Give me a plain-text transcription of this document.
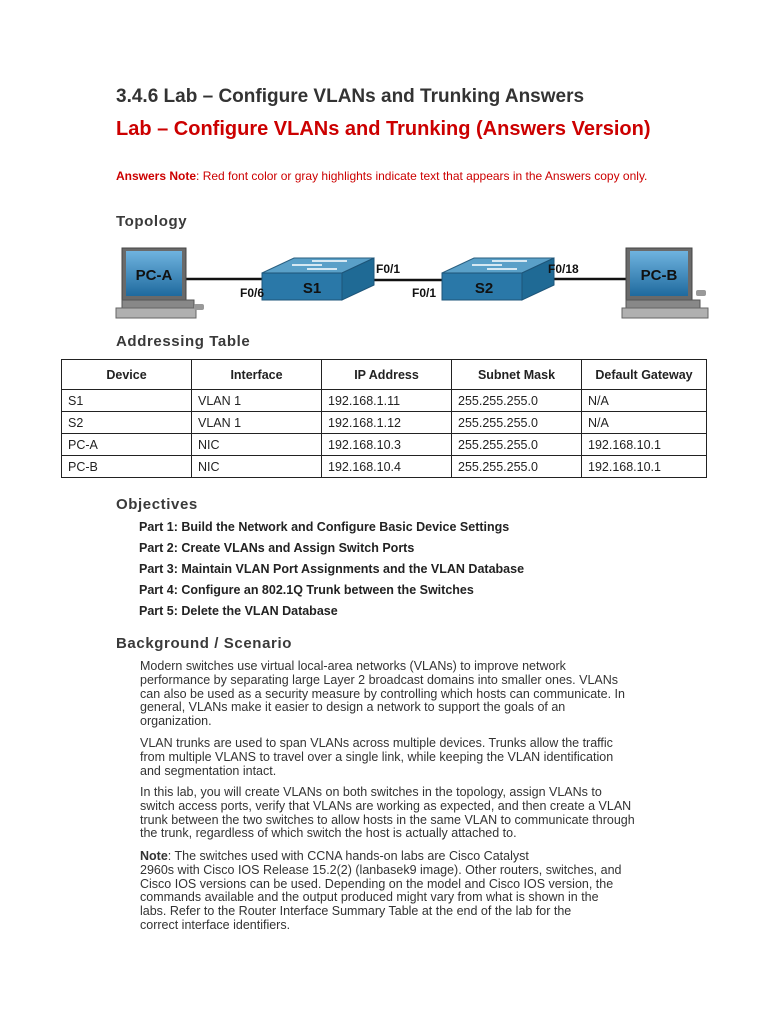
3.4.6 Lab – Configure VLANs and Trunking Answers
Lab – Configure VLANs and Trunking (Answers Version)
Answers Note: Red font color or gray highlights indicate text that appears in the Answers copy only.
Topology
PC-A
S1	S2
PC-B
F0/6
F0/1
F0/1
F0/18
Addressing Table
Device	Interface	IP Address	Subnet Mask	Default Gateway
S1	VLAN 1	192.168.1.11	255.255.255.0	N/A
S2	VLAN 1	192.168.1.12	255.255.255.0	N/A
PC-A	NIC	192.168.10.3	255.255.255.0	192.168.10.1
PC-B	NIC	192.168.10.4	255.255.255.0	192.168.10.1
Objectives
Part 1: Build the Network and Configure Basic Device Settings
Part 2: Create VLANs and Assign Switch Ports
Part 3: Maintain VLAN Port Assignments and the VLAN Database
Part 4: Configure an 802.1Q Trunk between the Switches
Part 5: Delete the VLAN Database
Background / Scenario

Modern switches use virtual local-area networks (VLANs) to improve network
performance by separating large Layer 2 broadcast domains into smaller ones. VLANs
can also be used as a security measure by controlling which hosts can communicate. In
general, VLANs make it easier to design a network to support the goals of an
organization.

VLAN trunks are used to span VLANs across multiple devices. Trunks allow the traffic
from multiple VLANS to travel over a single link, while keeping the VLAN identification
and segmentation intact.

In this lab, you will create VLANs on both switches in the topology, assign VLANs to
switch access ports, verify that VLANs are working as expected, and then create a VLAN
trunk between the two switches to allow hosts in the same VLAN to communicate through
the trunk, regardless of which switch the host is actually attached to.

Note: The switches used with CCNA hands-on labs are Cisco Catalyst
2960s with Cisco IOS Release 15.2(2) (lanbasek9 image). Other routers, switches, and
Cisco IOS versions can be used. Depending on the model and Cisco IOS version, the
commands available and the output produced might vary from what is shown in the
labs. Refer to the Router Interface Summary Table at the end of the lab for the
correct interface identifiers.
